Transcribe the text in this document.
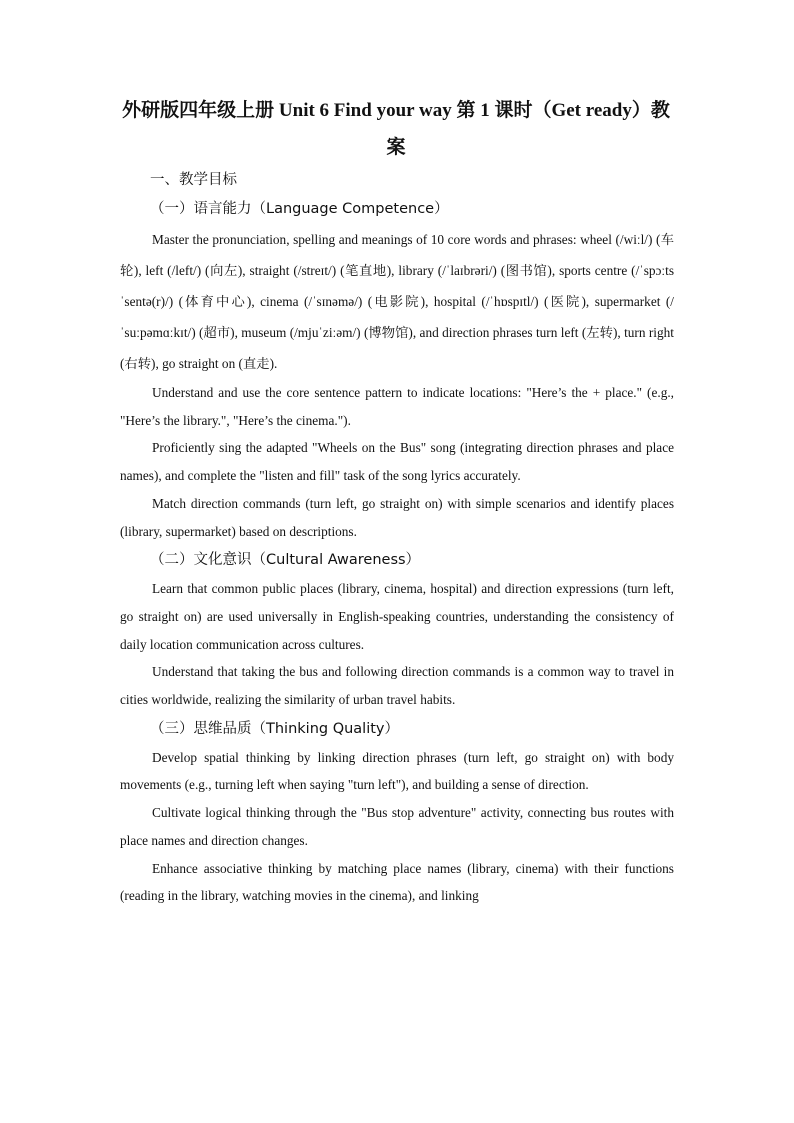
外研版四年级上册 Unit 6 Find your way 第 1 课时（Get ready）教案
一、教学目标
（一）语言能力（Language Competence）

Master the pronunciation, spelling and meanings of 10 core words and phrases: wheel (/wiːl/) (车轮), left (/left/) (向左), straight (/streɪt/) (笔直地), library (/ˈlaɪbrəri/) (图书馆), sports centre (/ˈspɔːts ˈsentə(r)/) (体育中心), cinema (/ˈsɪnəmə/) (电影院), hospital (/ˈhɒspɪtl/) (医院), supermarket (/ˈsuːpəmɑːkɪt/) (超市), museum (/mjuˈziːəm/) (博物馆), and direction phrases turn left (左转), turn right (右转), go straight on (直走).

Understand and use the core sentence pattern to indicate locations: "Here’s the + place." (e.g., "Here’s the library.", "Here’s the cinema.").

Proficiently sing the adapted "Wheels on the Bus" song (integrating direction phrases and place names), and complete the "listen and fill" task of the song lyrics accurately.

Match direction commands (turn left, go straight on) with simple scenarios and identify places (library, supermarket) based on descriptions.

（二）文化意识（Cultural Awareness）

Learn that common public places (library, cinema, hospital) and direction expressions (turn left, go straight on) are used universally in English-speaking countries, understanding the consistency of daily location communication across cultures.

Understand that taking the bus and following direction commands is a common way to travel in cities worldwide, realizing the similarity of urban travel habits.

（三）思维品质（Thinking Quality）

Develop spatial thinking by linking direction phrases (turn left, go straight on) with body movements (e.g., turning left when saying "turn left"), and building a sense of direction.

Cultivate logical thinking through the "Bus stop adventure" activity, connecting bus routes with place names and direction changes.

Enhance associative thinking by matching place names (library, cinema) with their functions (reading in the library, watching movies in the cinema), and linking
